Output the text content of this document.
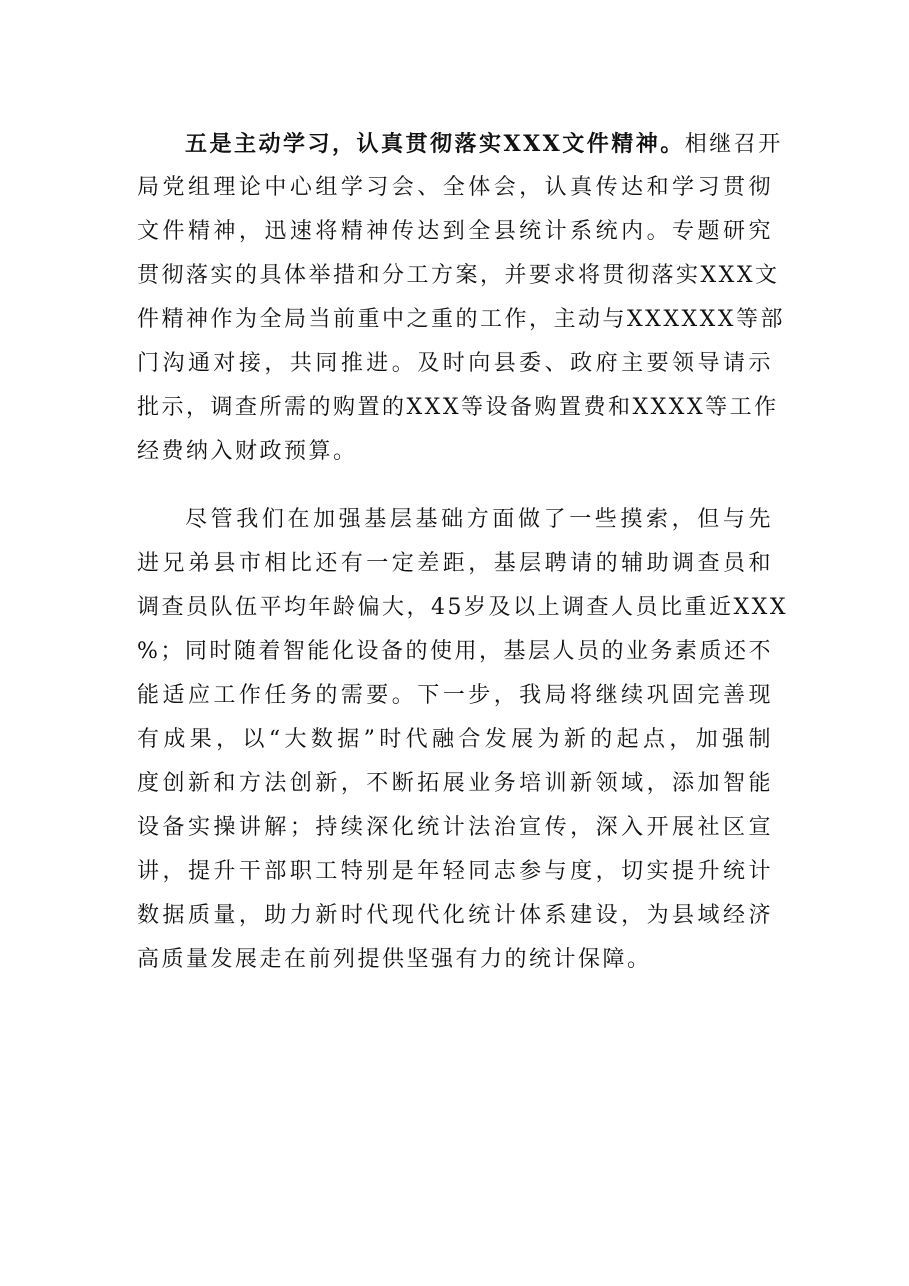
五是主动学习，认真贯彻落实XXX文件精神。相继召开
局党组理论中心组学习会、全体会，认真传达和学习贯彻
文件精神，迅速将精神传达到全县统计系统内。专题研究
贯彻落实的具体举措和分工方案，并要求将贯彻落实XXX文
件精神作为全局当前重中之重的工作，主动与XXXXXX等部
门沟通对接，共同推进。及时向县委、政府主要领导请示
批示，调查所需的购置的XXX等设备购置费和XXXX等工作
经费纳入财政预算。
尽管我们在加强基层基础方面做了一些摸索，但与先
进兄弟县市相比还有一定差距，基层聘请的辅助调查员和
调查员队伍平均年龄偏大，45岁及以上调查人员比重近XXX
%；同时随着智能化设备的使用，基层人员的业务素质还不
能适应工作任务的需要。下一步，我局将继续巩固完善现
有成果，以“大数据”时代融合发展为新的起点，加强制
度创新和方法创新，不断拓展业务培训新领域，添加智能
设备实操讲解；持续深化统计法治宣传，深入开展社区宣
讲，提升干部职工特别是年轻同志参与度，切实提升统计
数据质量，助力新时代现代化统计体系建设，为县域经济
高质量发展走在前列提供坚强有力的统计保障。
